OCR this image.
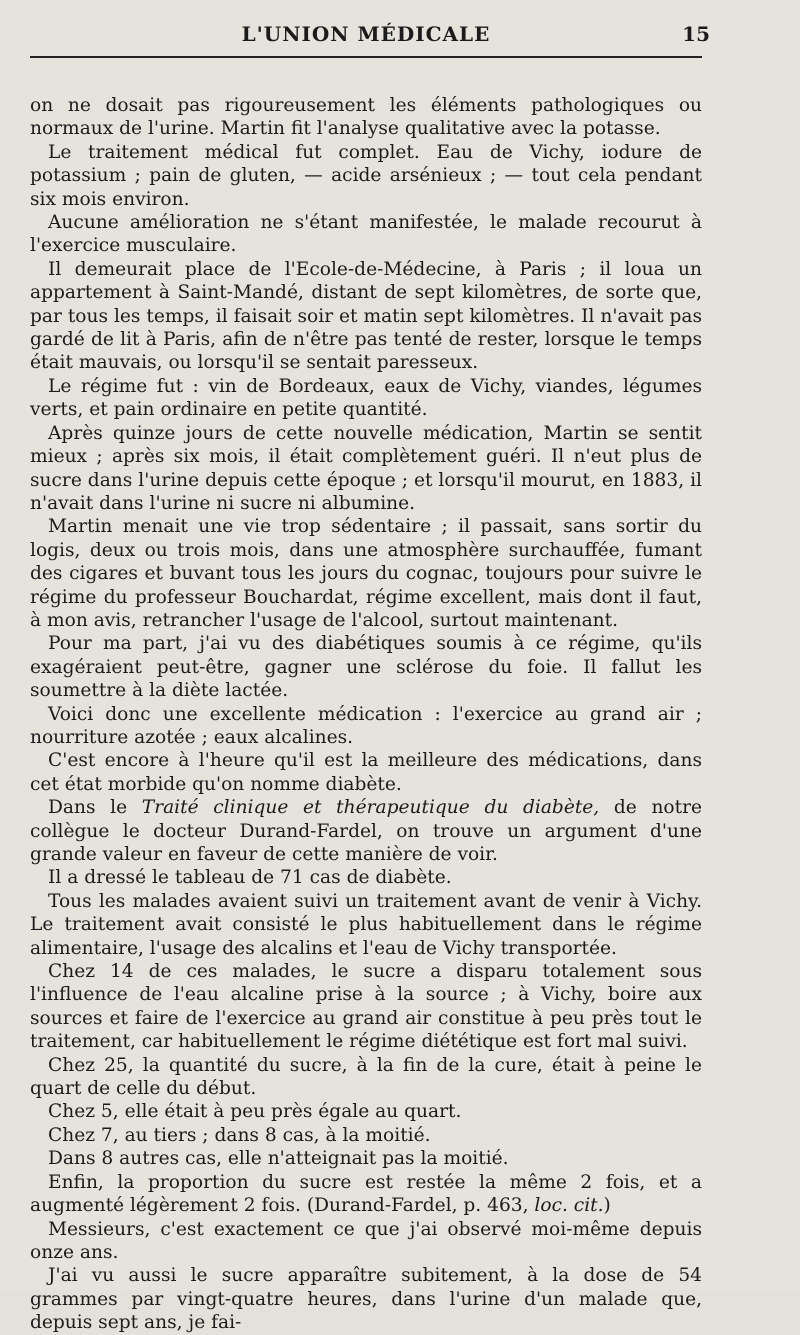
L'UNION MÉDICALE	15

on ne dosait pas rigoureusement les éléments pathologiques ou normaux de l'urine. Martin fit l'analyse qualitative avec la potasse.

Le traitement médical fut complet. Eau de Vichy, iodure de potassium ; pain de gluten, — acide arsénieux ; — tout cela pendant six mois environ.

Aucune amélioration ne s'étant manifestée, le malade recourut à l'exercice musculaire.

Il demeurait place de l'Ecole-de-Médecine, à Paris ; il loua un appartement à Saint-Mandé, distant de sept kilomètres, de sorte que, par tous les temps, il faisait soir et matin sept kilomètres. Il n'avait pas gardé de lit à Paris, afin de n'être pas tenté de rester, lorsque le temps était mauvais, ou lorsqu'il se sentait paresseux.

Le régime fut : vin de Bordeaux, eaux de Vichy, viandes, légumes verts, et pain ordinaire en petite quantité.

Après quinze jours de cette nouvelle médication, Martin se sentit mieux ; après six mois, il était complètement guéri. Il n'eut plus de sucre dans l'urine depuis cette époque ; et lorsqu'il mourut, en 1883, il n'avait dans l'urine ni sucre ni albumine.

Martin menait une vie trop sédentaire ; il passait, sans sortir du logis, deux ou trois mois, dans une atmosphère surchauffée, fumant des cigares et buvant tous les jours du cognac, toujours pour suivre le régime du professeur Bouchardat, régime excellent, mais dont il faut, à mon avis, retrancher l'usage de l'alcool, surtout maintenant.

Pour ma part, j'ai vu des diabétiques soumis à ce régime, qu'ils exagéraient peut-être, gagner une sclérose du foie. Il fallut les soumettre à la diète lactée.

Voici donc une excellente médication : l'exercice au grand air ; nourriture azotée ; eaux alcalines.

C'est encore à l'heure qu'il est la meilleure des médications, dans cet état morbide qu'on nomme diabète.

Dans le Traité clinique et thérapeutique du diabète, de notre collègue le docteur Durand-Fardel, on trouve un argument d'une grande valeur en faveur de cette manière de voir.

Il a dressé le tableau de 71 cas de diabète.

Tous les malades avaient suivi un traitement avant de venir à Vichy. Le traitement avait consisté le plus habituellement dans le régime alimentaire, l'usage des alcalins et l'eau de Vichy transportée.

Chez 14 de ces malades, le sucre a disparu totalement sous l'influence de l'eau alcaline prise à la source ; à Vichy, boire aux sources et faire de l'exercice au grand air constitue à peu près tout le traitement, car habituellement le régime diététique est fort mal suivi.

Chez 25, la quantité du sucre, à la fin de la cure, était à peine le quart de celle du début.

Chez 5, elle était à peu près égale au quart.

Chez 7, au tiers ; dans 8 cas, à la moitié.

Dans 8 autres cas, elle n'atteignait pas la moitié.

Enfin, la proportion du sucre est restée la même 2 fois, et a augmenté légèrement 2 fois. (Durand-Fardel, p. 463, loc. cit.)

Messieurs, c'est exactement ce que j'ai observé moi-même depuis onze ans.

J'ai vu aussi le sucre apparaître subitement, à la dose de 54 grammes par vingt-quatre heures, dans l'urine d'un malade que, depuis sept ans, je fai-
